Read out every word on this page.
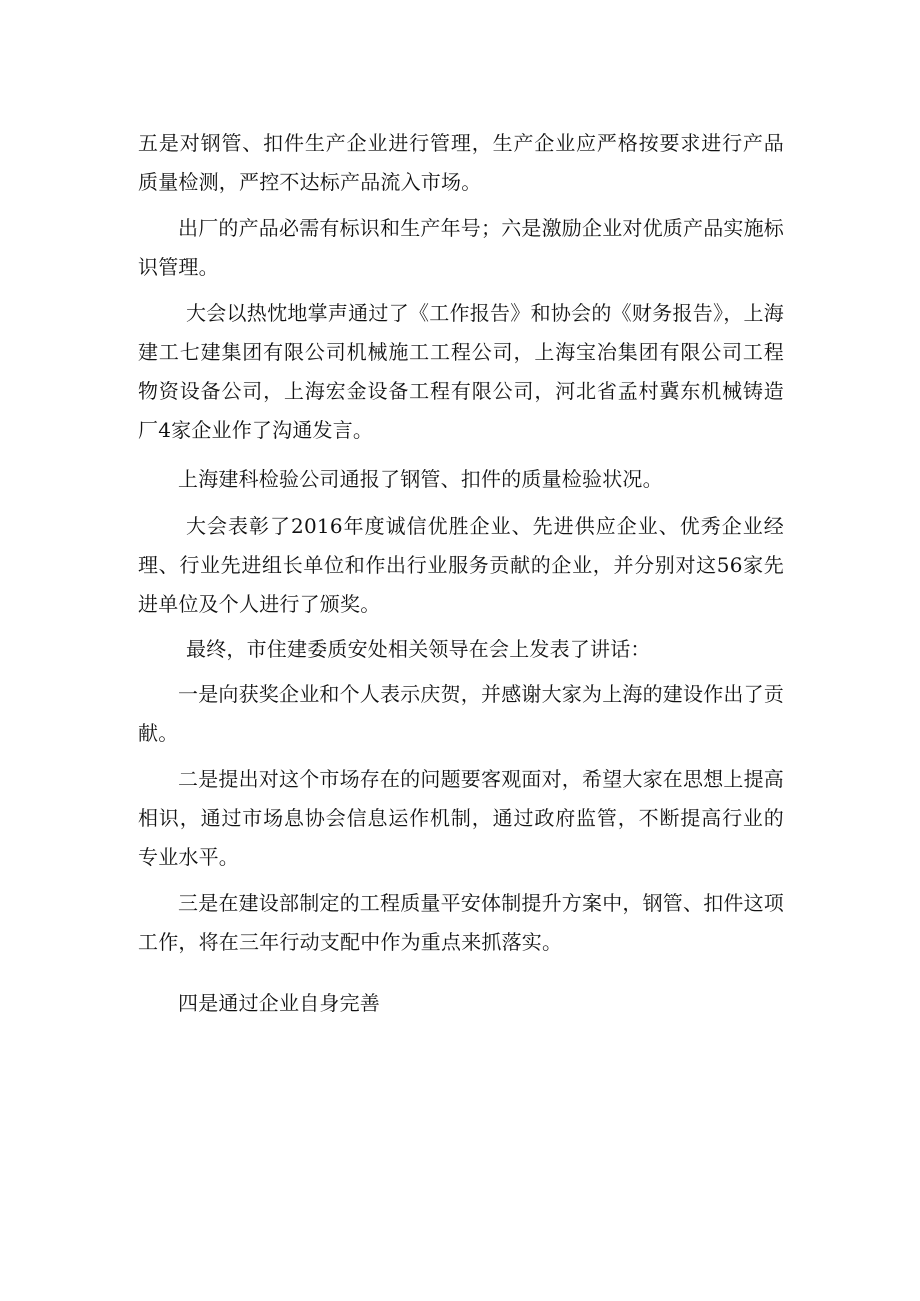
五是对钢管、扣件生产企业进行管理，生产企业应严格按要求进行产品质量检测，严控不达标产品流入市场。

出厂的产品必需有标识和生产年号；六是激励企业对优质产品实施标识管理。

大会以热忱地掌声通过了《工作报告》和协会的《财务报告》，上海建工七建集团有限公司机械施工工程公司，上海宝冶集团有限公司工程物资设备公司，上海宏金设备工程有限公司，河北省孟村冀东机械铸造厂4家企业作了沟通发言。

上海建科检验公司通报了钢管、扣件的质量检验状况。

大会表彰了2016年度诚信优胜企业、先进供应企业、优秀企业经理、行业先进组长单位和作出行业服务贡献的企业，并分别对这56家先进单位及个人进行了颁奖。

最终，市住建委质安处相关领导在会上发表了讲话：

一是向获奖企业和个人表示庆贺，并感谢大家为上海的建设作出了贡献。

二是提出对这个市场存在的问题要客观面对，希望大家在思想上提高相识，通过市场息协会信息运作机制，通过政府监管，不断提高行业的专业水平。

三是在建设部制定的工程质量平安体制提升方案中，钢管、扣件这项工作，将在三年行动支配中作为重点来抓落实。

四是通过企业自身完善
